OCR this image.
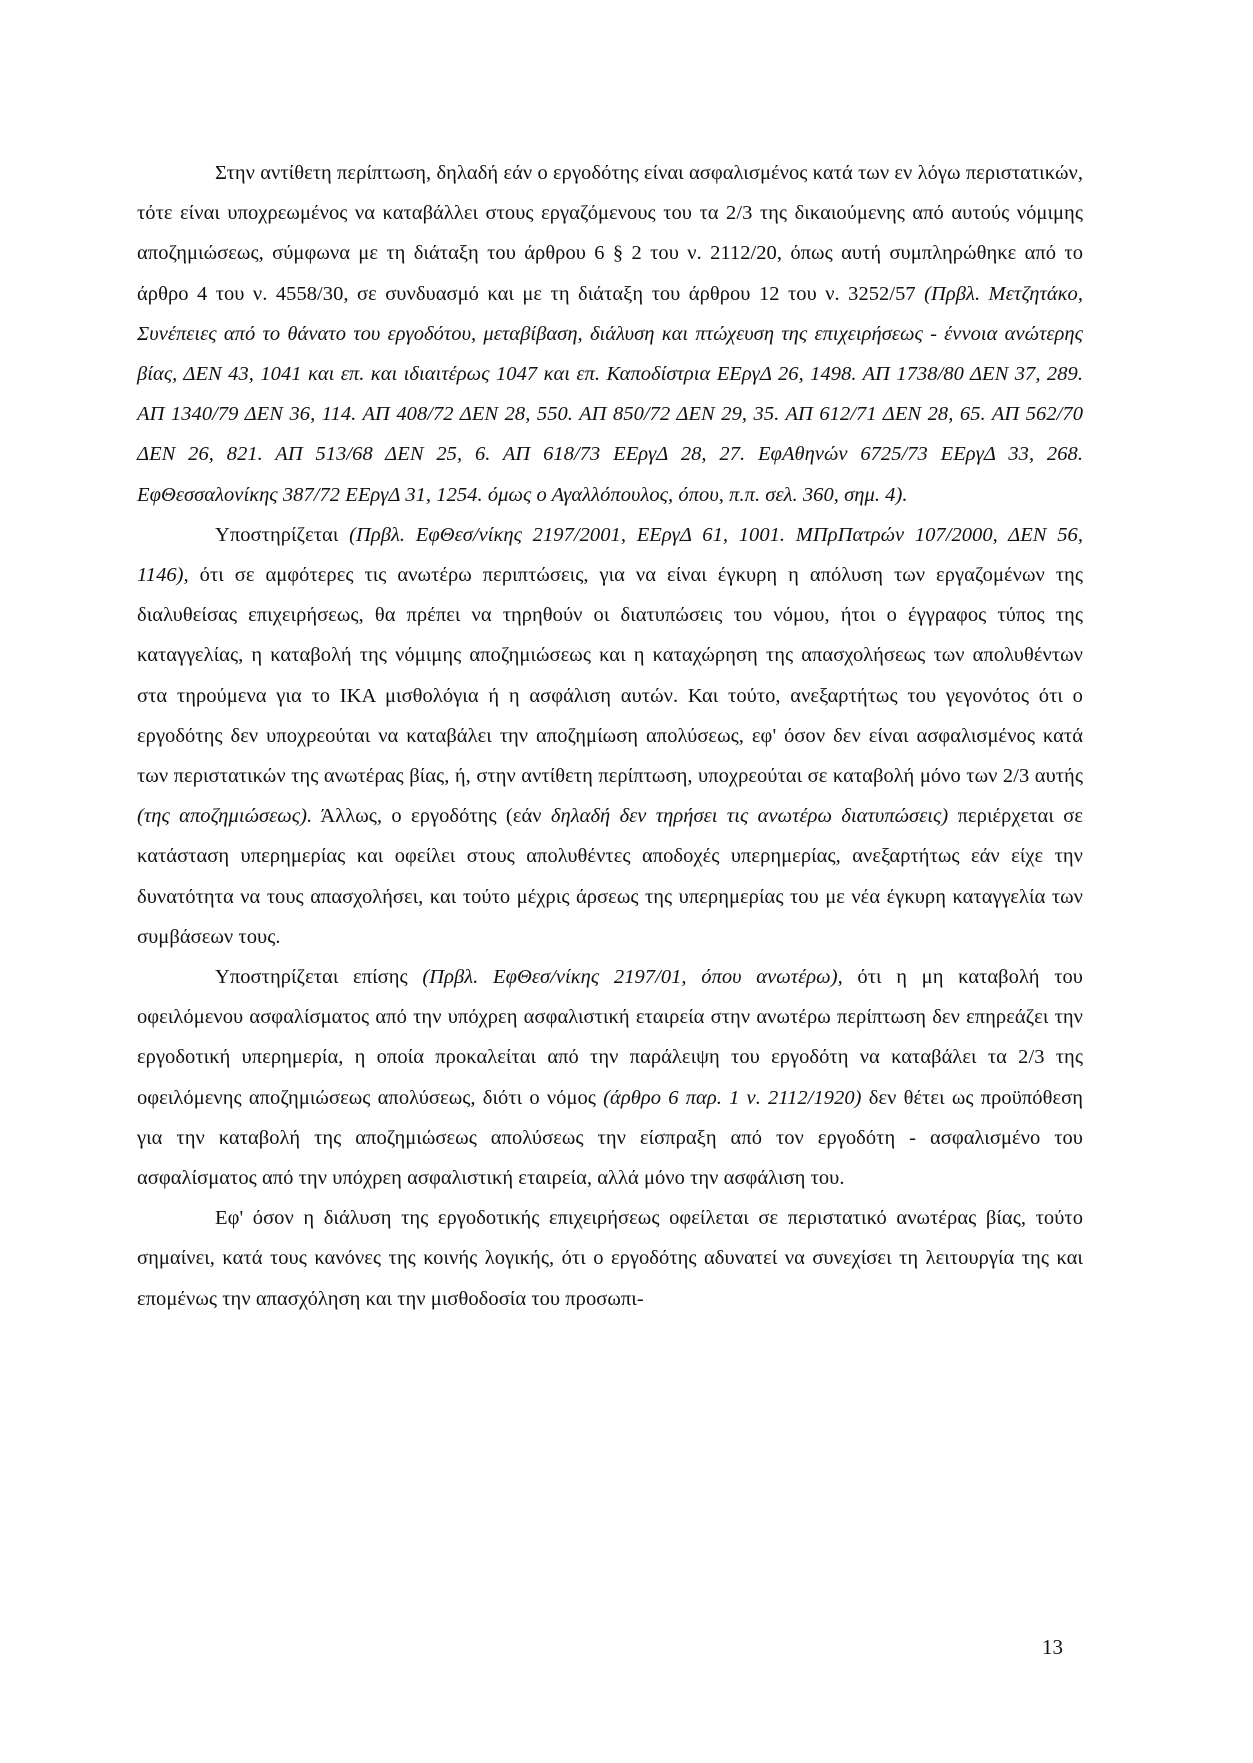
Στην αντίθετη περίπτωση, δηλαδή εάν ο εργοδότης είναι ασφαλισμένος κατά των εν λόγω περιστατικών, τότε είναι υποχρεωμένος να καταβάλλει στους εργαζόμενους του τα 2/3 της δικαιούμενης από αυτούς νόμιμης αποζημιώσεως, σύμφωνα με τη διάταξη του άρθρου 6 § 2 του ν. 2112/20, όπως αυτή συμπληρώθηκε από το άρθρο 4 του ν. 4558/30, σε συνδυασμό και με τη διάταξη του άρθρου 12 του ν. 3252/57 (Πρβλ. Μετζητάκο, Συνέπειες από το θάνατο του εργοδότου, μεταβίβαση, διάλυση και πτώχευση της επιχειρήσεως - έννοια ανώτερης βίας, ΔΕΝ 43, 1041 και επ. και ιδιαιτέρως 1047 και επ. Καποδίστρια ΕΕργΔ 26, 1498. ΑΠ 1738/80 ΔΕΝ 37, 289. ΑΠ 1340/79 ΔΕΝ 36, 114. ΑΠ 408/72 ΔΕΝ 28, 550. ΑΠ 850/72 ΔΕΝ 29, 35. ΑΠ 612/71 ΔΕΝ 28, 65. ΑΠ 562/70 ΔΕΝ 26, 821. ΑΠ 513/68 ΔΕΝ 25, 6. ΑΠ 618/73 ΕΕργΔ 28, 27. ΕφΑθηνών 6725/73 ΕΕργΔ 33, 268. ΕφΘεσσαλονίκης 387/72 ΕΕργΔ 31, 1254. όμως ο Αγαλλόπουλος, όπου, π.π. σελ. 360, σημ. 4).

Υποστηρίζεται (Πρβλ. ΕφΘεσ/νίκης 2197/2001, ΕΕργΔ 61, 1001. ΜΠρΠατρών 107/2000, ΔΕΝ 56, 1146), ότι σε αμφότερες τις ανωτέρω περιπτώσεις, για να είναι έγκυρη η απόλυση των εργαζομένων της διαλυθείσας επιχειρήσεως, θα πρέπει να τηρηθούν οι διατυπώσεις του νόμου, ήτοι ο έγγραφος τύπος της καταγγελίας, η καταβολή της νόμιμης αποζημιώσεως και η καταχώρηση της απασχολήσεως των απολυθέντων στα τηρούμενα για το ΙΚΑ μισθολόγια ή η ασφάλιση αυτών. Και τούτο, ανεξαρτήτως του γεγονότος ότι ο εργοδότης δεν υποχρεούται να καταβάλει την αποζημίωση απολύσεως, εφ' όσον δεν είναι ασφαλισμένος κατά των περιστατικών της ανωτέρας βίας, ή, στην αντίθετη περίπτωση, υποχρεούται σε καταβολή μόνο των 2/3 αυτής (της αποζημιώσεως). Άλλως, ο εργοδότης (εάν δηλαδή δεν τηρήσει τις ανωτέρω διατυπώσεις) περιέρχεται σε κατάσταση υπερημερίας και οφείλει στους απολυθέντες αποδοχές υπερημερίας, ανεξαρτήτως εάν είχε την δυνατότητα να τους απασχολήσει, και τούτο μέχρις άρσεως της υπερημερίας του με νέα έγκυρη καταγγελία των συμβάσεων τους.

Υποστηρίζεται επίσης (Πρβλ. ΕφΘεσ/νίκης 2197/01, όπου ανωτέρω), ότι η μη καταβολή του οφειλόμενου ασφαλίσματος από την υπόχρεη ασφαλιστική εταιρεία στην ανωτέρω περίπτωση δεν επηρεάζει την εργοδοτική υπερημερία, η οποία προκαλείται από την παράλειψη του εργοδότη να καταβάλει τα 2/3 της οφειλόμενης αποζημιώσεως απολύσεως, διότι ο νόμος (άρθρο 6 παρ. 1 ν. 2112/1920) δεν θέτει ως προϋπόθεση για την καταβολή της αποζημιώσεως απολύσεως την είσπραξη από τον εργοδότη - ασφαλισμένο του ασφαλίσματος από την υπόχρεη ασφαλιστική εταιρεία, αλλά μόνο την ασφάλιση του.

Εφ' όσον η διάλυση της εργοδοτικής επιχειρήσεως οφείλεται σε περιστατικό ανωτέρας βίας, τούτο σημαίνει, κατά τους κανόνες της κοινής λογικής, ότι ο εργοδότης αδυνατεί να συνεχίσει τη λειτουργία της και επομένως την απασχόληση και την μισθοδοσία του προσωπι-

13
